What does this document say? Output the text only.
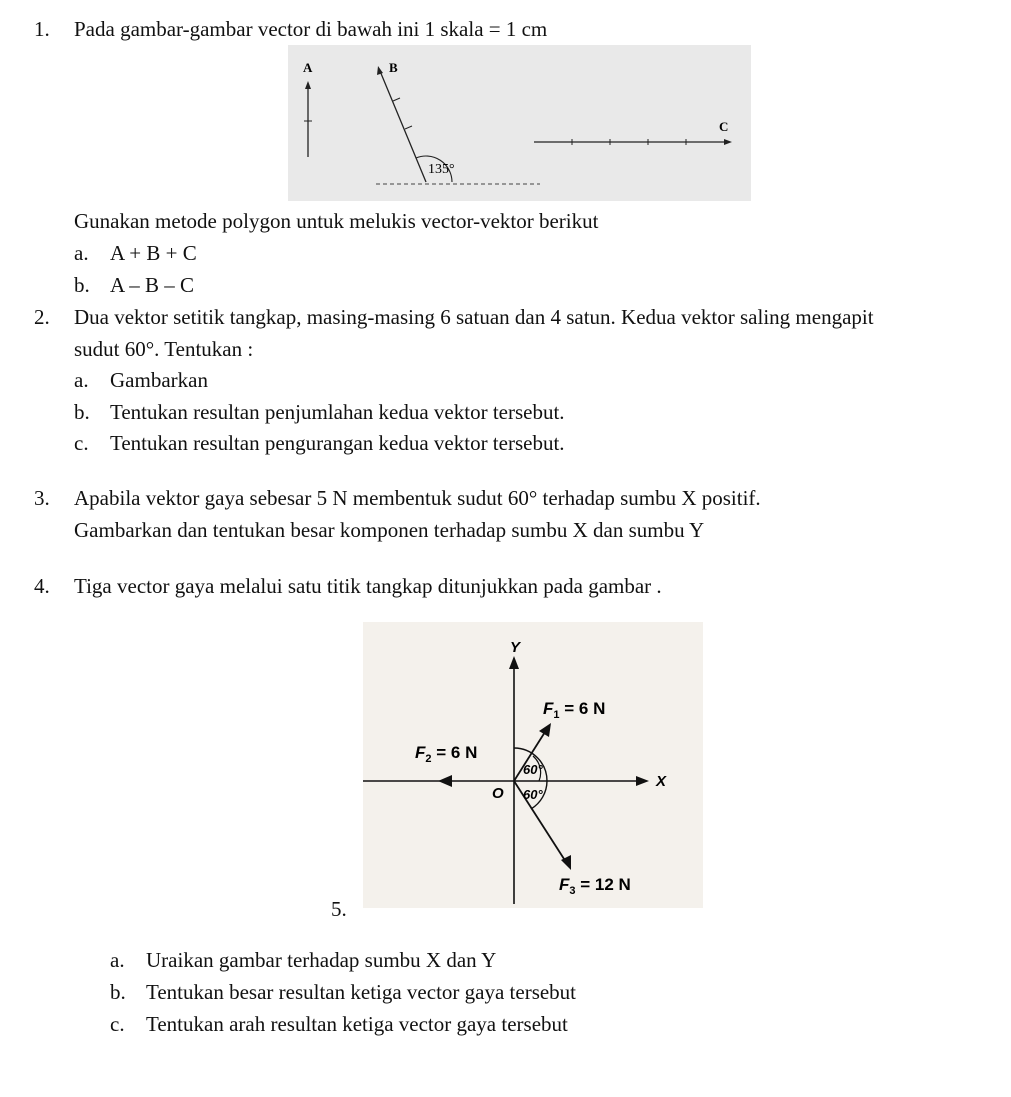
1. Pada gambar-gambar vector di bawah ini 1 skala = 1 cm
A	B
135°
C
Gunakan metode polygon untuk melukis vector-vektor berikut
a. A + B + C
b. A – B – C
2. Dua vektor setitik tangkap, masing-masing 6 satuan dan 4 satun. Kedua vektor saling mengapit
sudut 60°. Tentukan :
a. Gambarkan
b. Tentukan resultan penjumlahan kedua vektor tersebut.
c. Tentukan resultan pengurangan kedua vektor tersebut.
3. Apabila vektor gaya sebesar 5 N membentuk sudut 60° terhadap sumbu X positif.
Gambarkan dan tentukan besar komponen terhadap sumbu X dan sumbu Y
4. Tiga vector gaya melalui satu titik tangkap ditunjukkan pada gambar .
Y
X
60°
60°
O
$F_1 = 6$ N
$F_2 = 6$ N
$F_3 = 12$ N
5.
a. Uraikan gambar terhadap sumbu X dan Y
b. Tentukan besar resultan ketiga vector gaya tersebut
c. Tentukan arah resultan ketiga vector gaya tersebut
